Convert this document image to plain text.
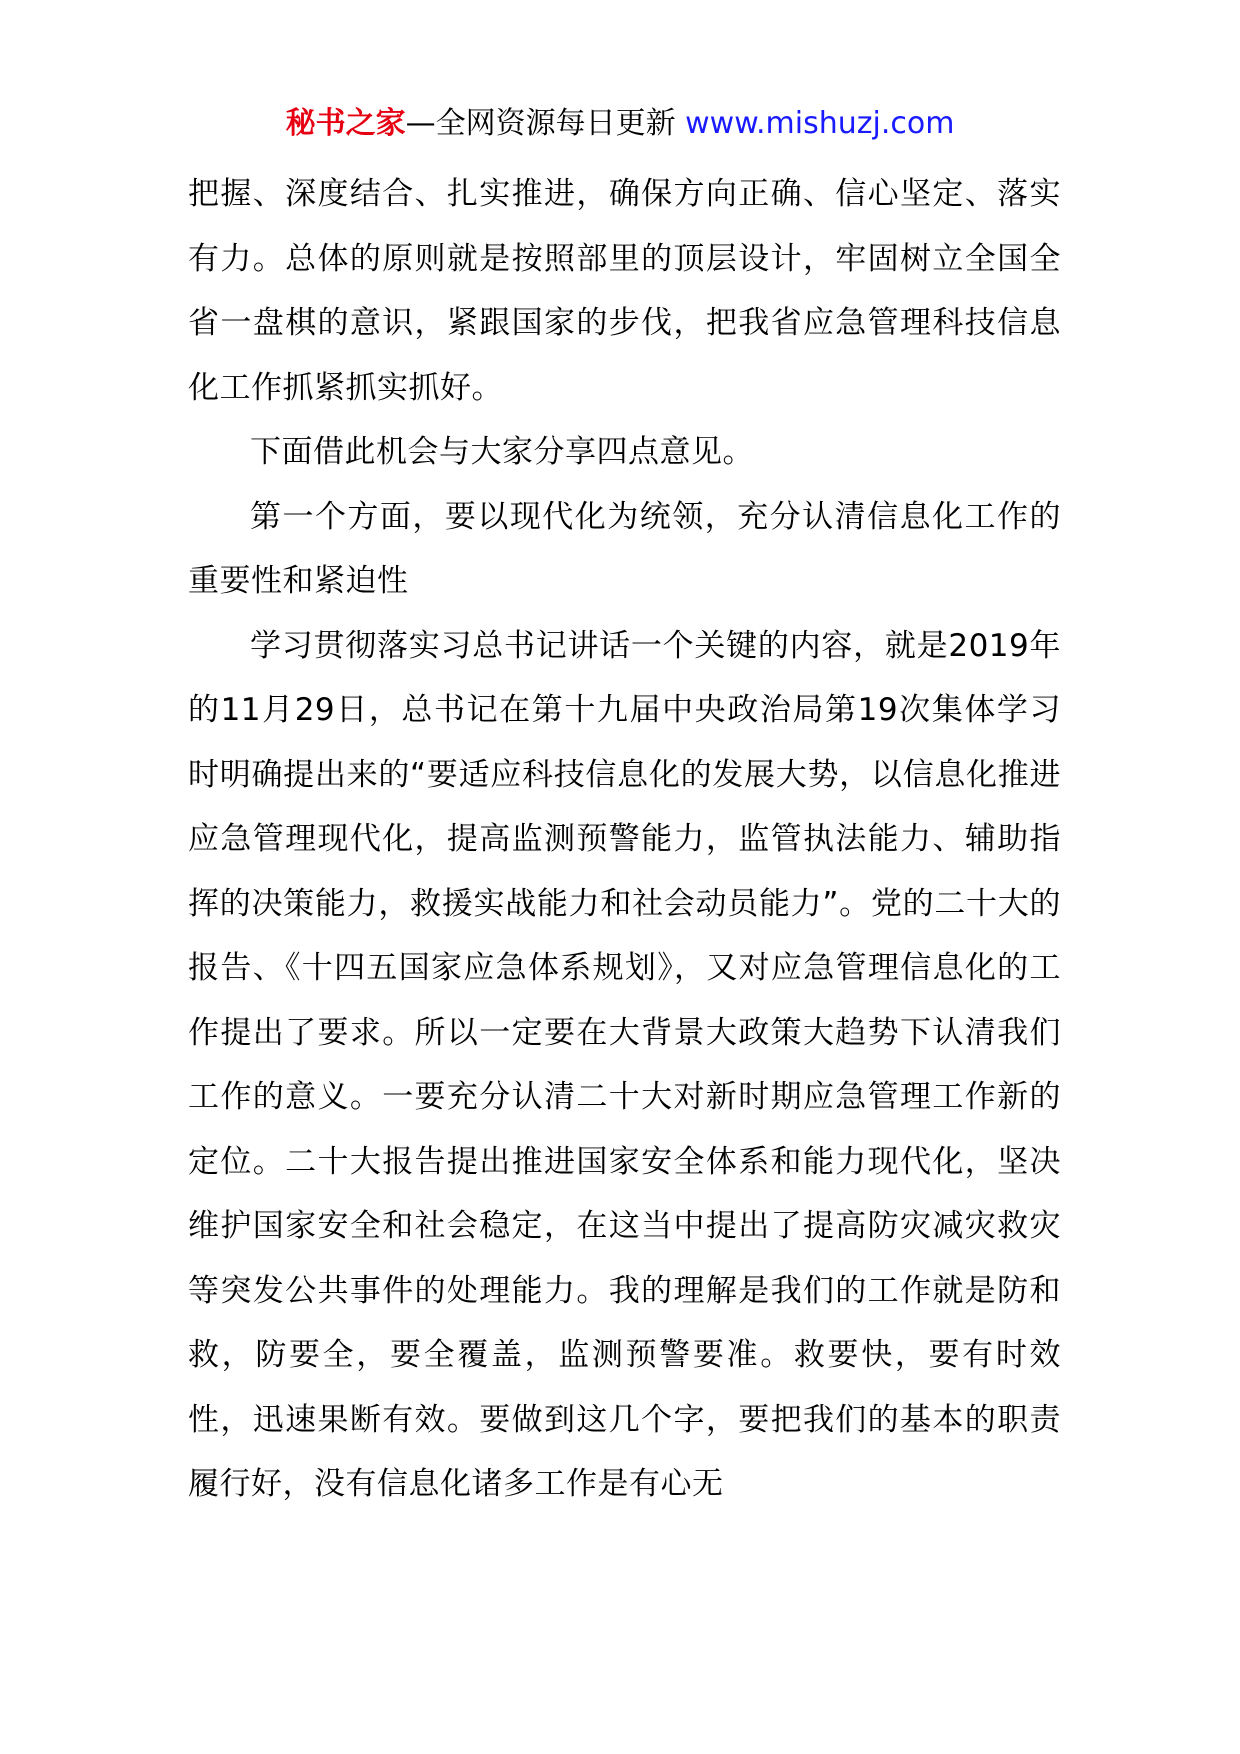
秘书之家—全网资源每日更新 www.mishuzj.com

把握、深度结合、扎实推进，确保方向正确、信心坚定、落实有力。总体的原则就是按照部里的顶层设计，牢固树立全国全省一盘棋的意识，紧跟国家的步伐，把我省应急管理科技信息化工作抓紧抓实抓好。

下面借此机会与大家分享四点意见。

第一个方面，要以现代化为统领，充分认清信息化工作的重要性和紧迫性

学习贯彻落实习总书记讲话一个关键的内容，就是2019年的11月29日，总书记在第十九届中央政治局第19次集体学习时明确提出来的“要适应科技信息化的发展大势，以信息化推进应急管理现代化，提高监测预警能力，监管执法能力、辅助指挥的决策能力，救援实战能力和社会动员能力”。党的二十大的报告、《十四五国家应急体系规划》，又对应急管理信息化的工作提出了要求。所以一定要在大背景大政策大趋势下认清我们工作的意义。一要充分认清二十大对新时期应急管理工作新的定位。二十大报告提出推进国家安全体系和能力现代化，坚决维护国家安全和社会稳定，在这当中提出了提高防灾减灾救灾等突发公共事件的处理能力。我的理解是我们的工作就是防和救，防要全，要全覆盖，监测预警要准。救要快，要有时效性，迅速果断有效。要做到这几个字，要把我们的基本的职责履行好，没有信息化诸多工作是有心无
